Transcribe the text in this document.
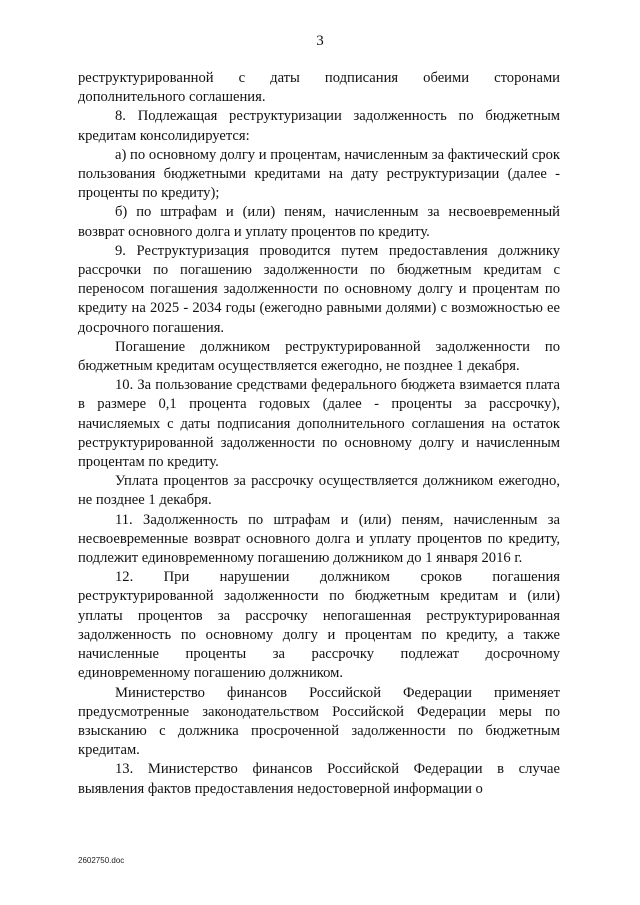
3

реструктурированной с даты подписания обеими сторонами дополнительного соглашения.

8. Подлежащая реструктуризации задолженность по бюджетным кредитам консолидируется:

а) по основному долгу и процентам, начисленным за фактический срок пользования бюджетными кредитами на дату реструктуризации (далее - проценты по кредиту);

б) по штрафам и (или) пеням, начисленным за несвоевременный возврат основного долга и уплату процентов по кредиту.

9. Реструктуризация проводится путем предоставления должнику рассрочки по погашению задолженности по бюджетным кредитам с переносом погашения задолженности по основному долгу и процентам по кредиту на 2025 - 2034 годы (ежегодно равными долями) с возможностью ее досрочного погашения.

Погашение должником реструктурированной задолженности по бюджетным кредитам осуществляется ежегодно, не позднее 1 декабря.

10. За пользование средствами федерального бюджета взимается плата в размере 0,1 процента годовых (далее - проценты за рассрочку), начисляемых с даты подписания дополнительного соглашения на остаток реструктурированной задолженности по основному долгу и начисленным процентам по кредиту.

Уплата процентов за рассрочку осуществляется должником ежегодно, не позднее 1 декабря.

11. Задолженность по штрафам и (или) пеням, начисленным за несвоевременные возврат основного долга и уплату процентов по кредиту, подлежит единовременному погашению должником до 1 января 2016 г.

12. При нарушении должником сроков погашения реструктурированной задолженности по бюджетным кредитам и (или) уплаты процентов за рассрочку непогашенная реструктурированная задолженность по основному долгу и процентам по кредиту, а также начисленные проценты за рассрочку подлежат досрочному единовременному погашению должником.

Министерство финансов Российской Федерации применяет предусмотренные законодательством Российской Федерации меры по взысканию с должника просроченной задолженности по бюджетным кредитам.

13. Министерство финансов Российской Федерации в случае выявления фактов предоставления недостоверной информации о

2602750.doc
